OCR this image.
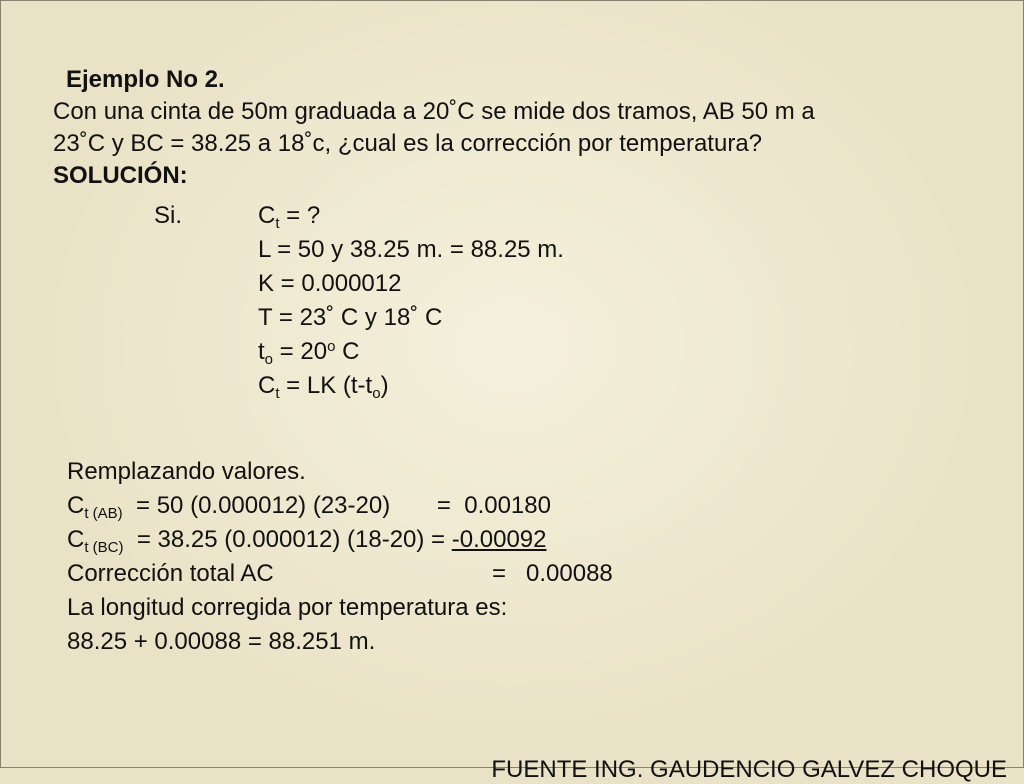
Ejemplo No 2.

Con una cinta de 50m graduada a 20˚C se mide dos tramos, AB 50 m a

23˚C y BC = 38.25 a 18˚c, ¿cual es la corrección por temperatura?

SOLUCIÓN:

Si.	$C_t$ = ?

L = 50 y 38.25 m. = 88.25 m.

K = 0.000012

T = 23˚ C y 18˚ C

$t_o = 20^o$ C

$C_t$ = LK $(t-t_o)$

Remplazando valores.

$C_{t (AB)} = 50$ (0.000012) (23-20)       =  0.00180

$C_{t (BC)} = 38.25$ (0.000012) (18-20) = -0.00092

Corrección total AC	=   0.00088

La longitud corregida por temperatura es:

88.25 + 0.00088 = 88.251 m.

FUENTE ING. GAUDENCIO GALVEZ CHOQUE
